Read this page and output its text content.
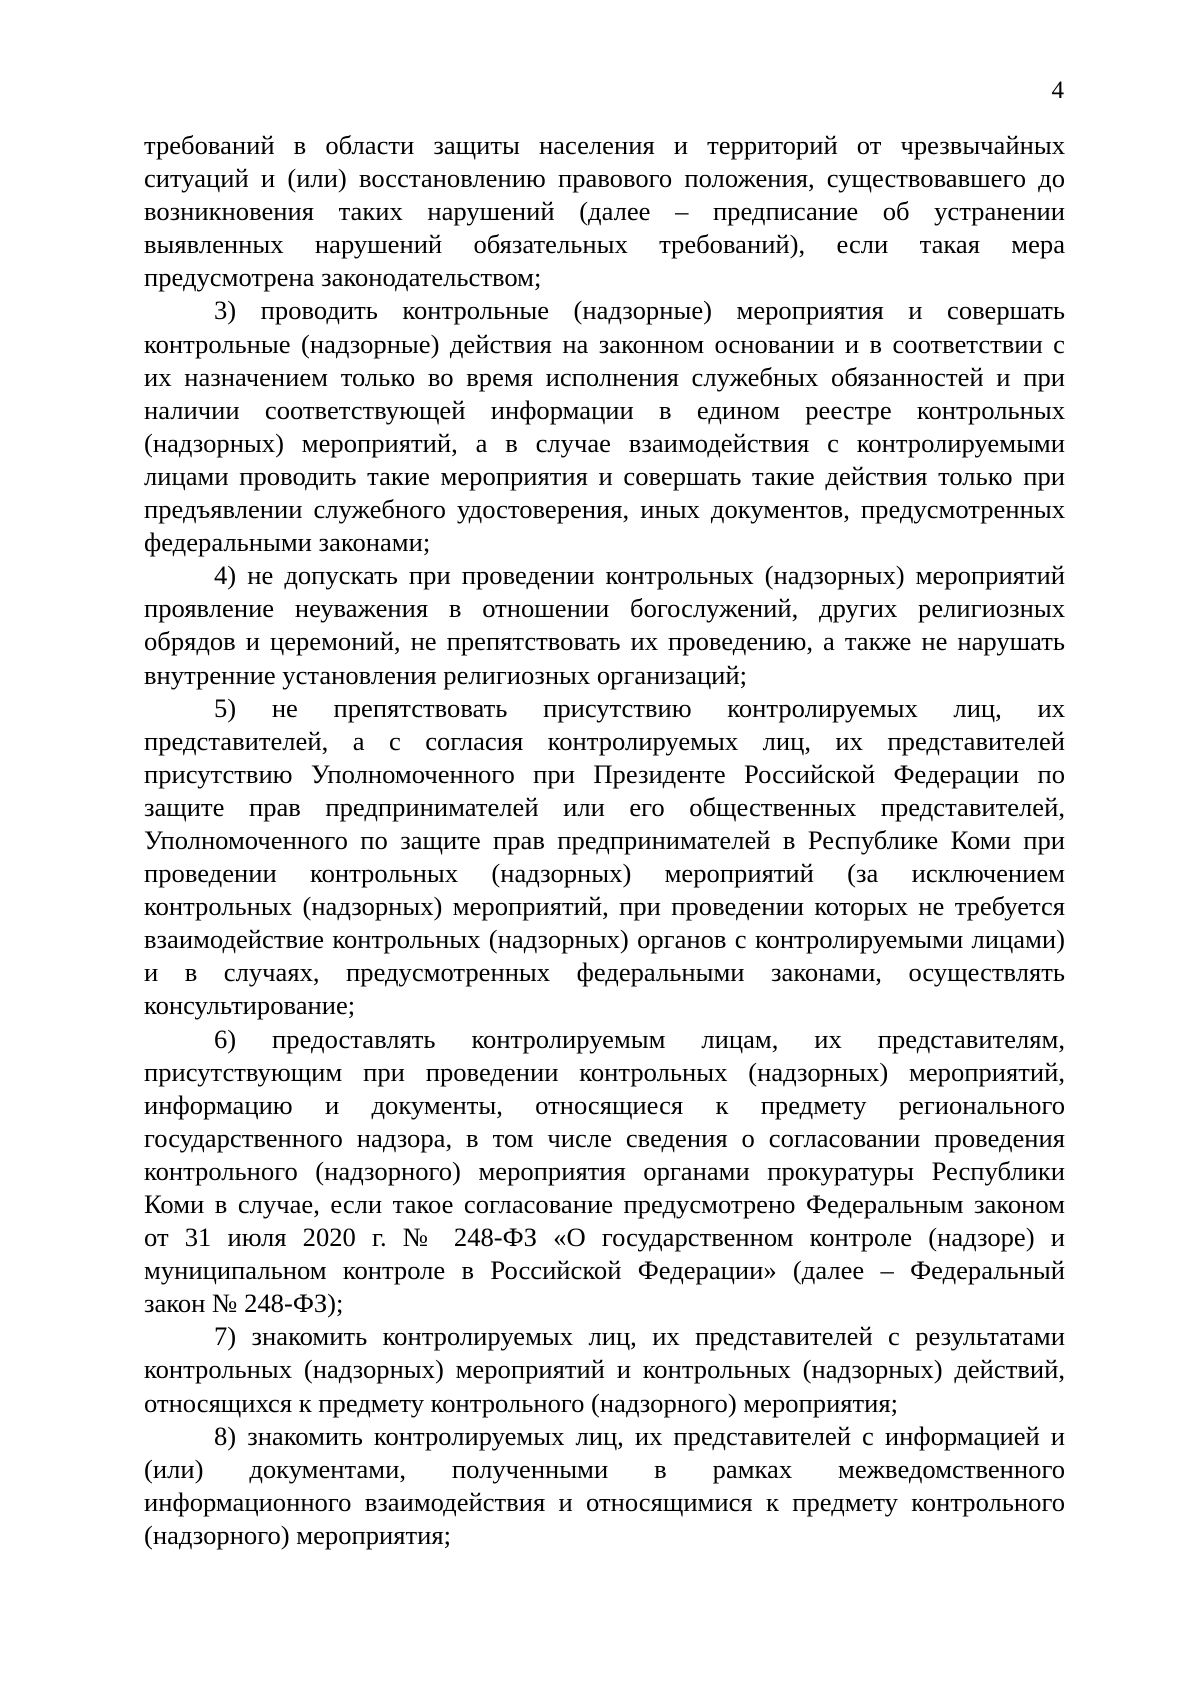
4

требований в области защиты населения и территорий от чрезвычайных ситуаций и (или) восстановлению правового положения, существовавшего до возникновения таких нарушений (далее – предписание об устранении выявленных нарушений обязательных требований), если такая мера предусмотрена законодательством;

3) проводить контрольные (надзорные) мероприятия и совершать контрольные (надзорные) действия на законном основании и в соответствии с их назначением только во время исполнения служебных обязанностей и при наличии соответствующей информации в едином реестре контрольных (надзорных) мероприятий, а в случае взаимодействия с контролируемыми лицами проводить такие мероприятия и совершать такие действия только при предъявлении служебного удостоверения, иных документов, предусмотренных федеральными законами;

4) не допускать при проведении контрольных (надзорных) мероприятий проявление неуважения в отношении богослужений, других религиозных обрядов и церемоний, не препятствовать их проведению, а также не нарушать внутренние установления религиозных организаций;

5) не препятствовать присутствию контролируемых лиц, их представителей, а с согласия контролируемых лиц, их представителей присутствию Уполномоченного при Президенте Российской Федерации по защите прав предпринимателей или его общественных представителей, Уполномоченного по защите прав предпринимателей в Республике Коми при проведении контрольных (надзорных) мероприятий (за исключением контрольных (надзорных) мероприятий, при проведении которых не требуется взаимодействие контрольных (надзорных) органов с контролируемыми лицами) и в случаях, предусмотренных федеральными законами, осуществлять консультирование;

6) предоставлять контролируемым лицам, их представителям, присутствующим при проведении контрольных (надзорных) мероприятий, информацию и документы, относящиеся к предмету регионального государственного надзора, в том числе сведения о согласовании проведения контрольного (надзорного) мероприятия органами прокуратуры Республики Коми в случае, если такое согласование предусмотрено Федеральным законом от 31 июля 2020 г. № 248-ФЗ «О государственном контроле (надзоре) и муниципальном контроле в Российской Федерации» (далее – Федеральный закон № 248-ФЗ);

7) знакомить контролируемых лиц, их представителей с результатами контрольных (надзорных) мероприятий и контрольных (надзорных) действий, относящихся к предмету контрольного (надзорного) мероприятия;

8) знакомить контролируемых лиц, их представителей с информацией и (или) документами, полученными в рамках межведомственного информационного взаимодействия и относящимися к предмету контрольного (надзорного) мероприятия;
